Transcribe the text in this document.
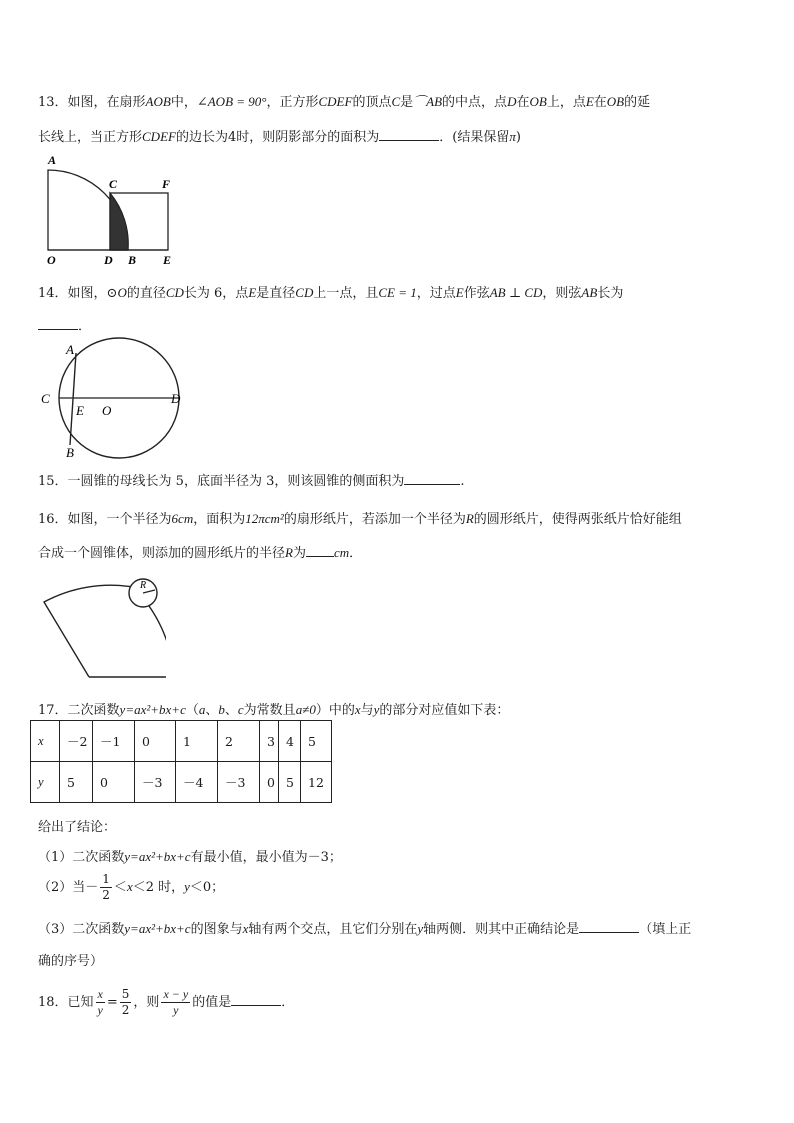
13．如图，在扇形AOB中，∠AOB = 90°，正方形CDEF的顶点C是⌒AB的中点，点D在OB上，点E在OB的延
长线上，当正方形CDEF的边长为4时，则阴影部分的面积为	．(结果保留π)
A
C	F
O	D B E
14．如图，⊙O的直径CD长为 6，点E是直径CD上一点，且CE = 1，过点E作弦AB ⊥ CD，则弦AB长为
．
A
B
C	D
E O
15．一圆锥的母线长为 5，底面半径为 3，则该圆锥的侧面积为	.
16．如图，一个半径为6cm，面积为12πcm²的扇形纸片，若添加一个半径为R的圆形纸片，使得两张纸片恰好能组
合成一个圆锥体，则添加的圆形纸片的半径R为 cm．
R
17．二次函数y=ax²+bx+c（a、b、c为常数且a≠0）中的x与y的部分对应值如下表：
x	－2	－1	0	1	2	3	4	5
y	5	0	－3	－4	－3	0	5	12
给出了结论：
（1）二次函数y=ax²+bx+c有最小值，最小值为－3；
（2）当－ $\frac{1}{2} <x<2$ 时，y＜0；
（3）二次函数y=ax²+bx+c的图象与x轴有两个交点，且它们分别在y轴两侧．则其中正确结论是	（填上正
确的序号）
18．已知 $\frac{x}{y} = \frac{5}{2}$ ，则 $\frac{x - y}{y}$ 的值是	．
